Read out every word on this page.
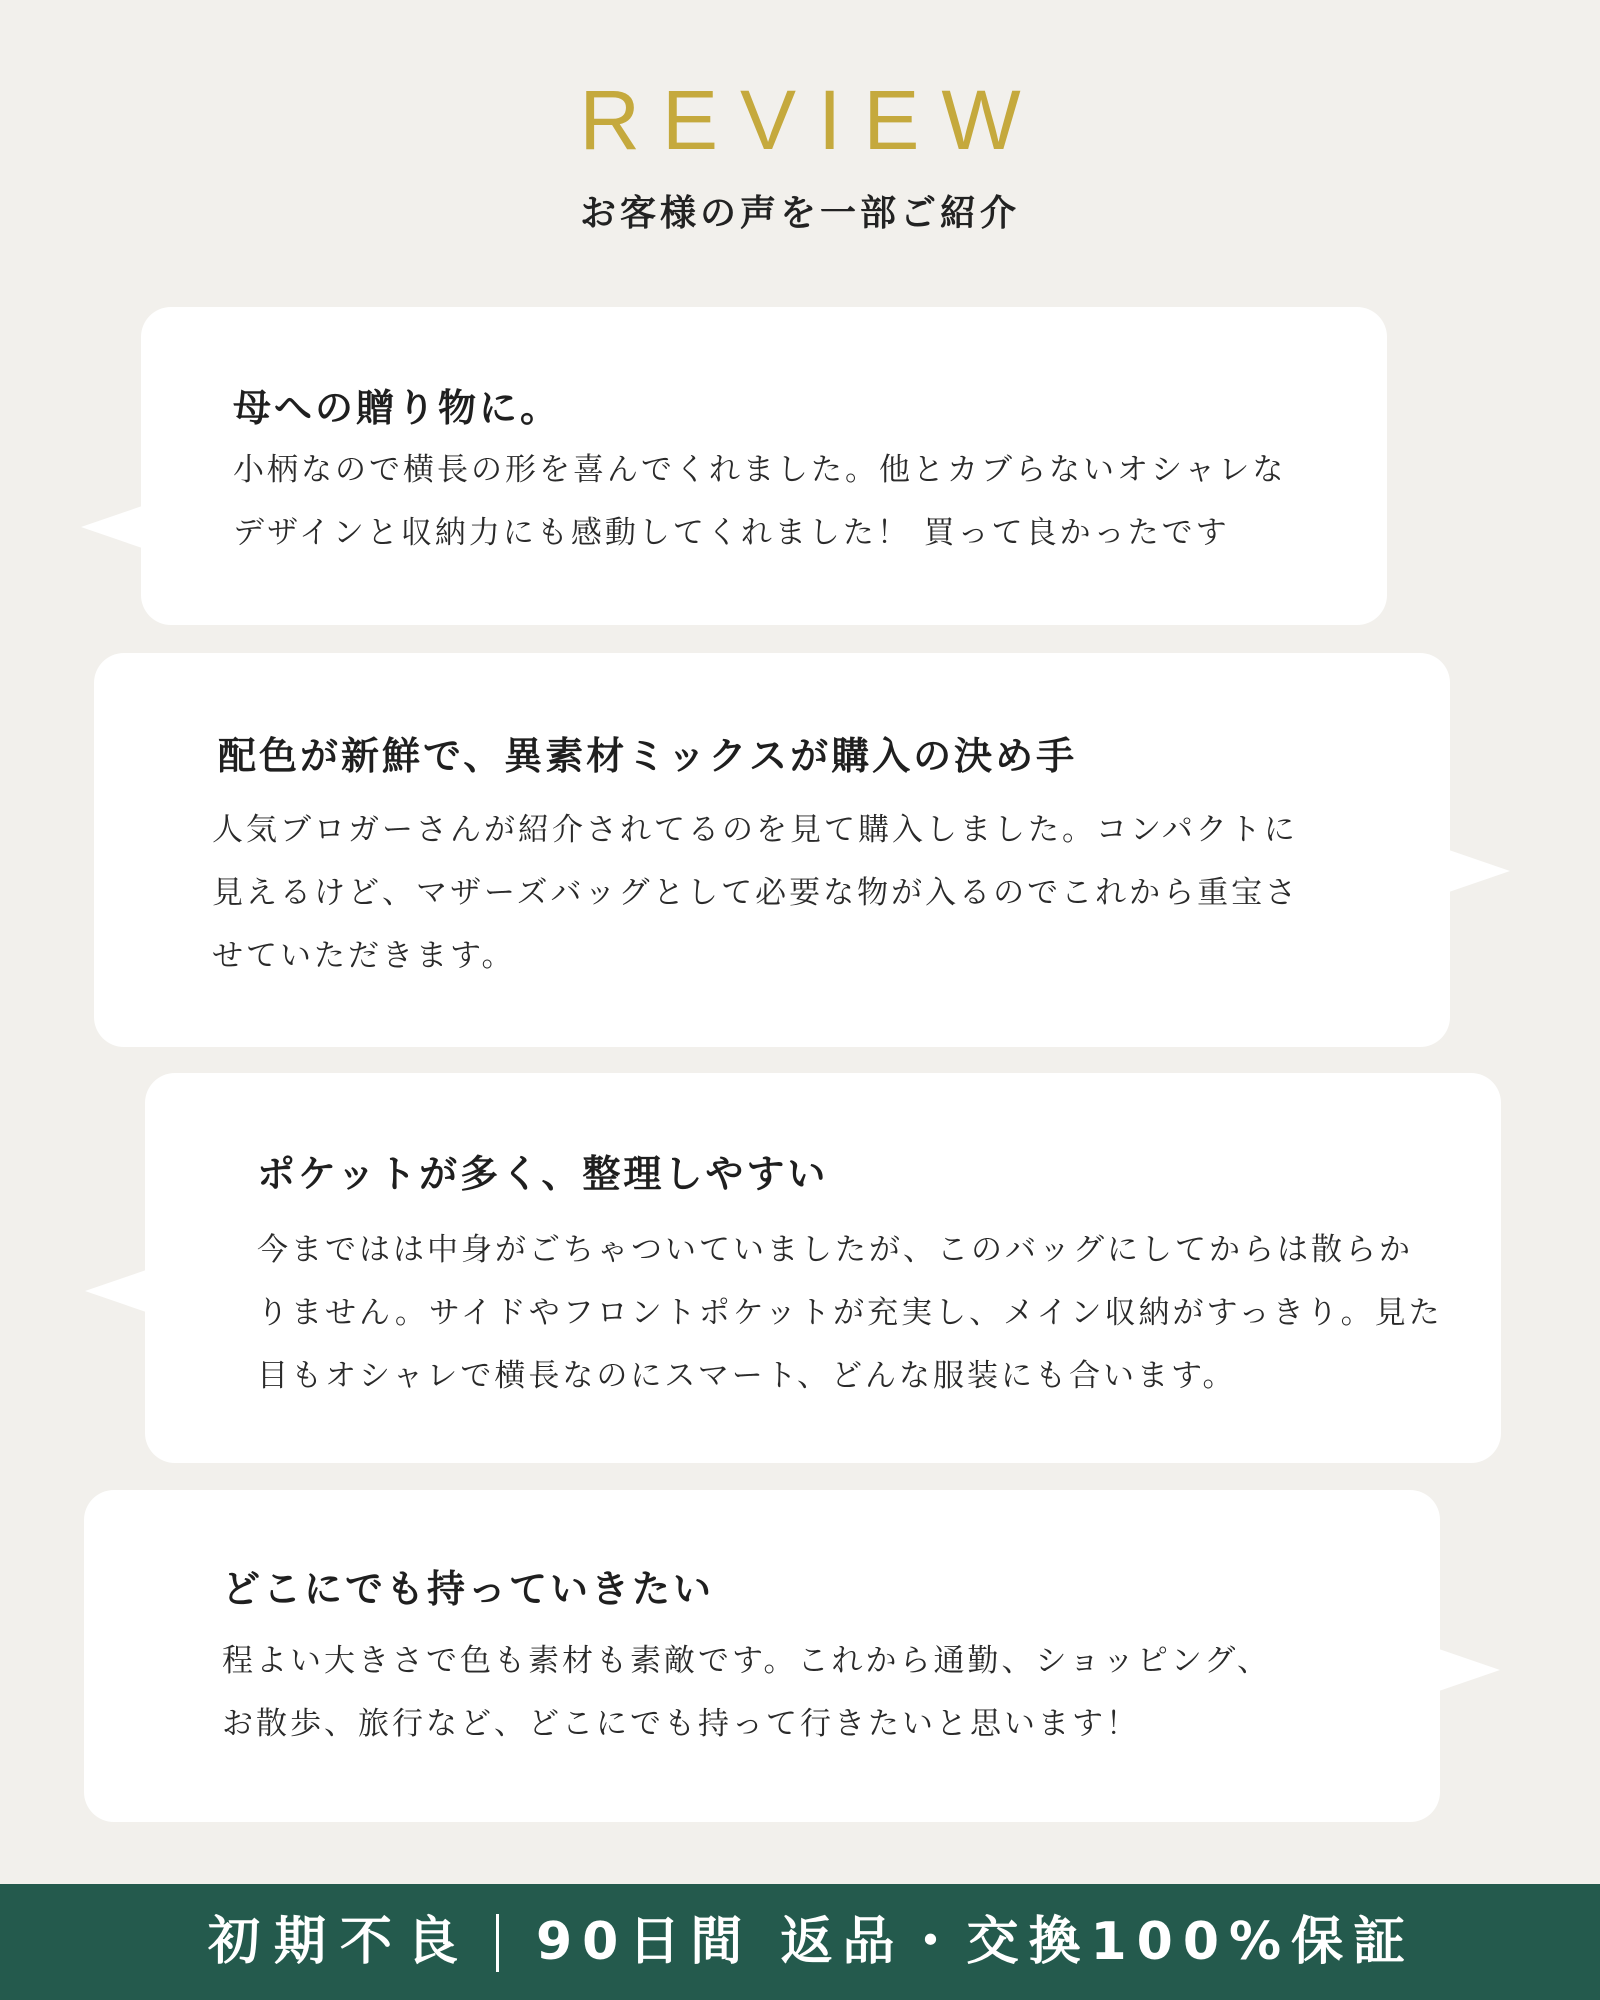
REVIEW
お客様の声を一部ご紹介
母への贈り物に。

小柄なので横長の形を喜んでくれました。他とカブらないオシャレな

デザインと収納力にも感動してくれました！ 買って良かったです

配色が新鮮で、異素材ミックスが購入の決め手

人気ブロガーさんが紹介されてるのを見て購入しました。コンパクトに

見えるけど、マザーズバッグとして必要な物が入るのでこれから重宝さ

せていただきます。

ポケットが多く、整理しやすい

今まではは中身がごちゃついていましたが、このバッグにしてからは散らか

りません。サイドやフロントポケットが充実し、メイン収納がすっきり。見た

目もオシャレで横長なのにスマート、どんな服装にも合います。

どこにでも持っていきたい

程よい大きさで色も素材も素敵です。これから通勤、ショッピング、

お散歩、旅行など、どこにでも持って行きたいと思います！

初期不良 90日間 返品・交換100%保証
